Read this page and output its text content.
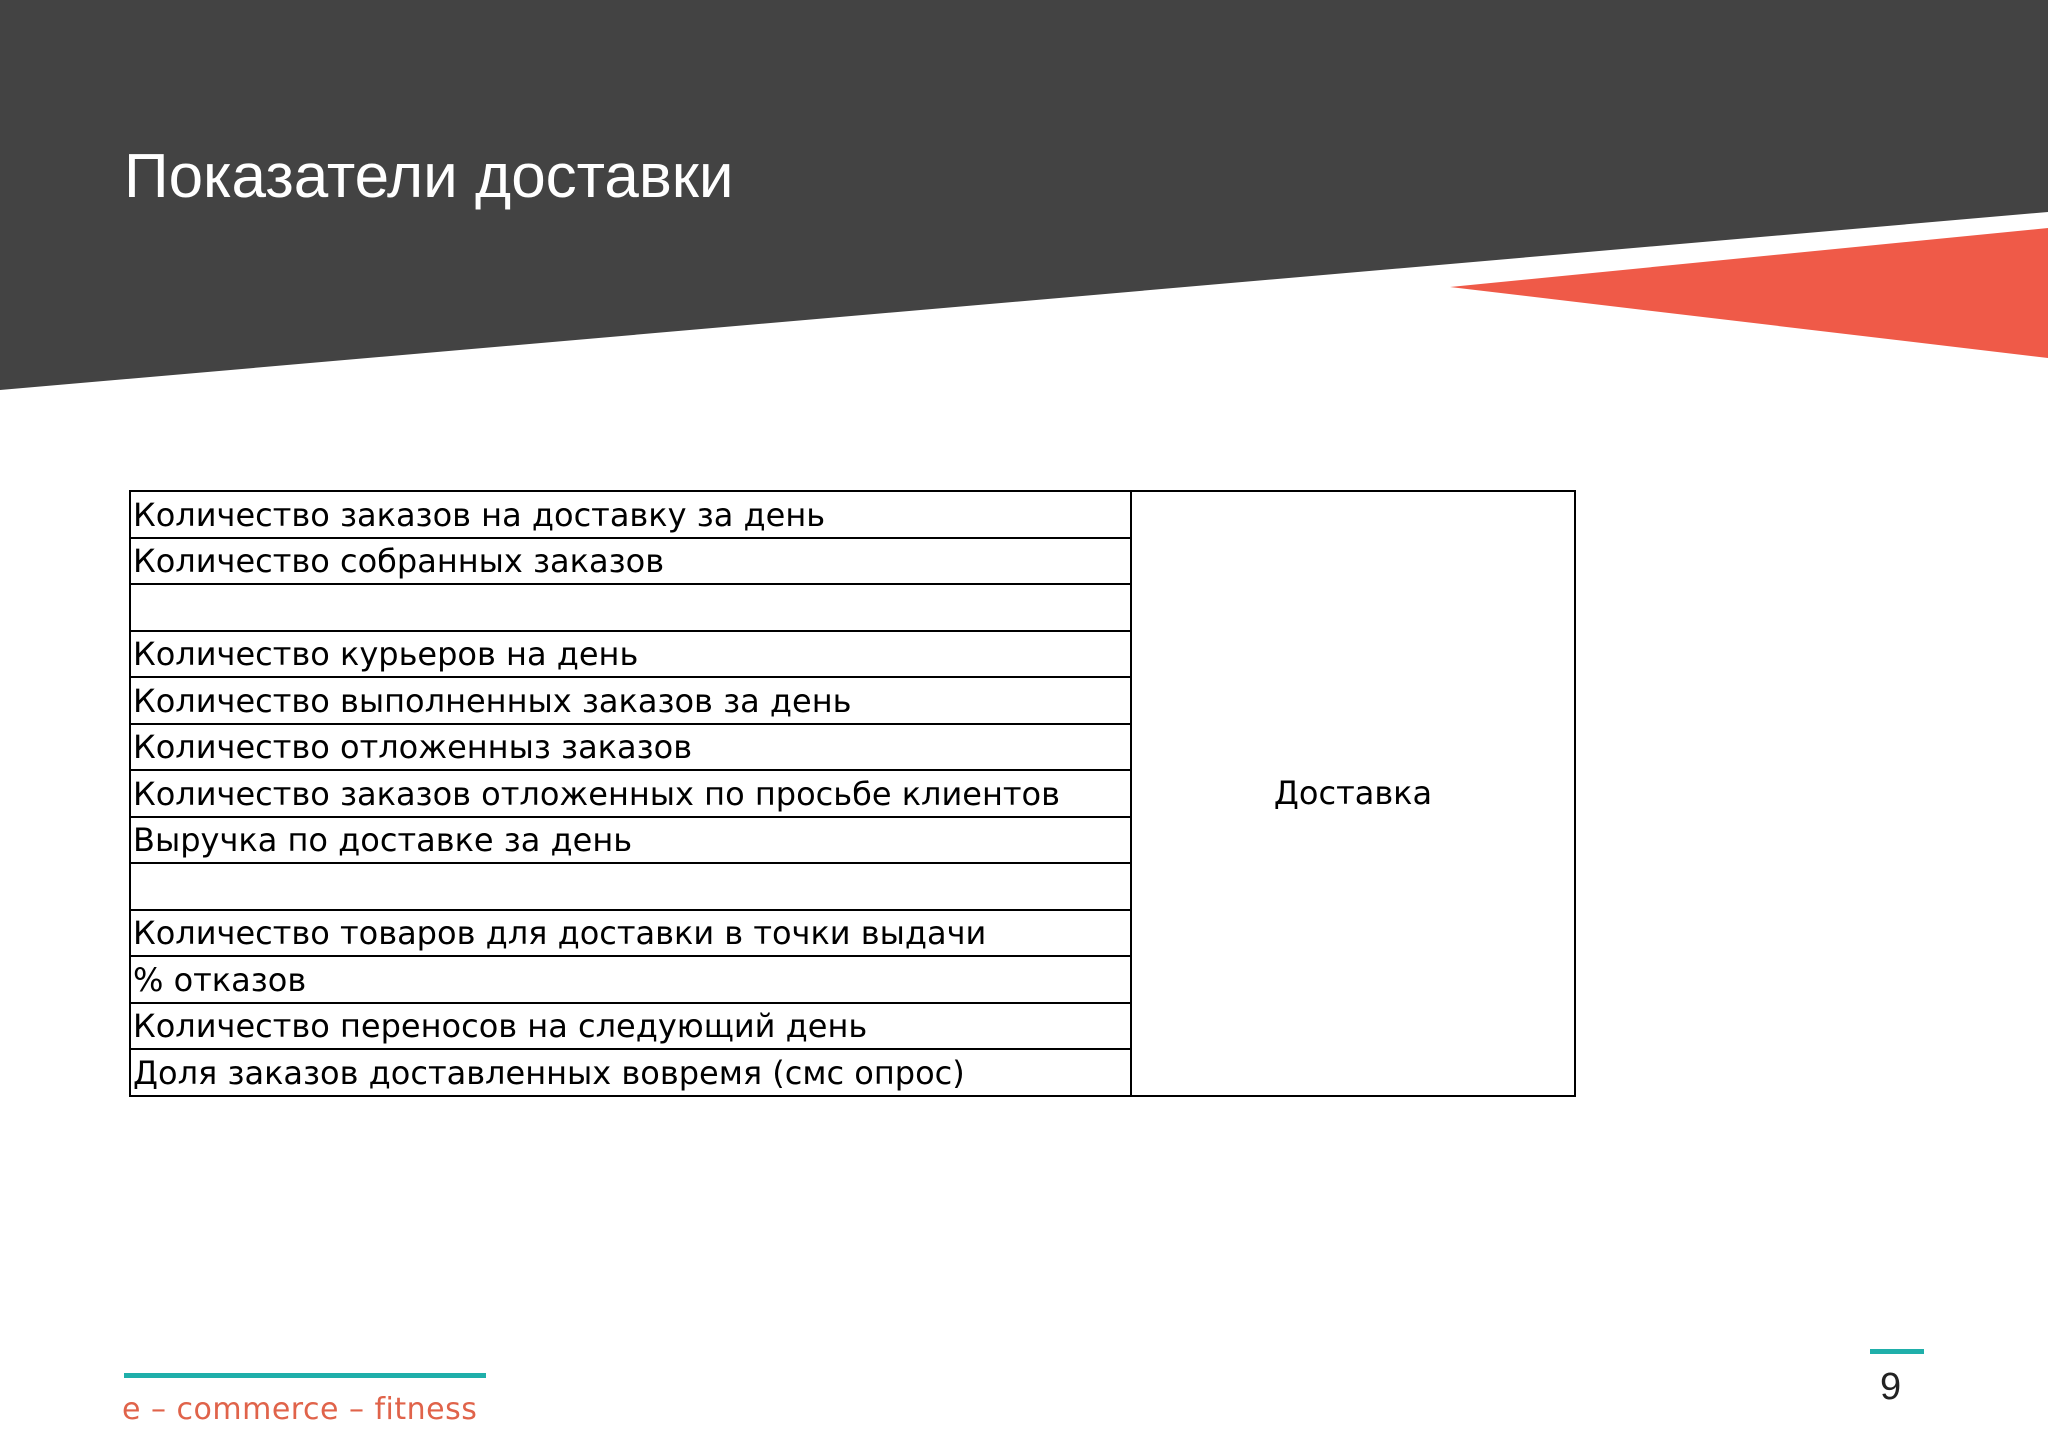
Показатели доставки
Количество заказов на доставку за день	Доставка
Количество собранных заказов

Количество курьеров на день
Количество выполненных заказов за день
Количество отложенныз заказов
Количество заказов отложенных по просьбе клиентов
Выручка по доставке за день

Количество товаров для доставки в точки выдачи
% отказов
Количество переносов на следующий день
Доля заказов доставленных вовремя (смс опрос)
e – commerce – fitness
9
